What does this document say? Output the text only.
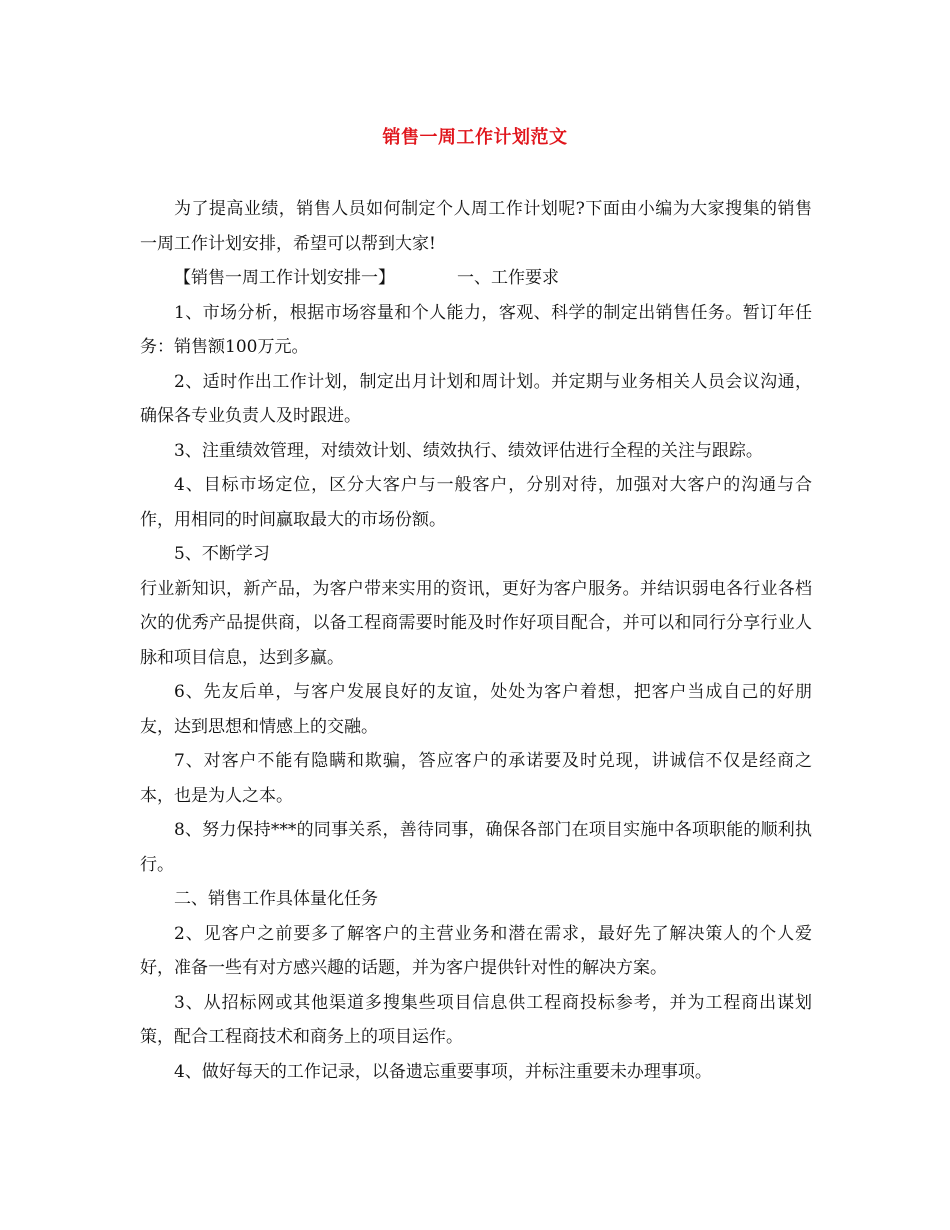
销售一周工作计划范文

为了提高业绩，销售人员如何制定个人周工作计划呢?下面由小编为大家搜集的销售一周工作计划安排，希望可以帮到大家!

【销售一周工作计划安排一】	一、工作要求

1、市场分析，根据市场容量和个人能力，客观、科学的制定出销售任务。暂订年任务：销售额100万元。

2、适时作出工作计划，制定出月计划和周计划。并定期与业务相关人员会议沟通，确保各专业负责人及时跟进。

3、注重绩效管理，对绩效计划、绩效执行、绩效评估进行全程的关注与跟踪。

4、目标市场定位，区分大客户与一般客户，分别对待，加强对大客户的沟通与合作，用相同的时间赢取最大的市场份额。

5、不断学习

行业新知识，新产品，为客户带来实用的资讯，更好为客户服务。并结识弱电各行业各档次的优秀产品提供商，以备工程商需要时能及时作好项目配合，并可以和同行分享行业人脉和项目信息，达到多赢。

6、先友后单，与客户发展良好的友谊，处处为客户着想，把客户当成自己的好朋友，达到思想和情感上的交融。

7、对客户不能有隐瞒和欺骗，答应客户的承诺要及时兑现，讲诚信不仅是经商之本，也是为人之本。

8、努力保持***的同事关系，善待同事，确保各部门在项目实施中各项职能的顺利执行。

二、销售工作具体量化任务

2、见客户之前要多了解客户的主营业务和潜在需求，最好先了解决策人的个人爱好，准备一些有对方感兴趣的话题，并为客户提供针对性的解决方案。

3、从招标网或其他渠道多搜集些项目信息供工程商投标参考，并为工程商出谋划策，配合工程商技术和商务上的项目运作。

4、做好每天的工作记录，以备遗忘重要事项，并标注重要未办理事项。
